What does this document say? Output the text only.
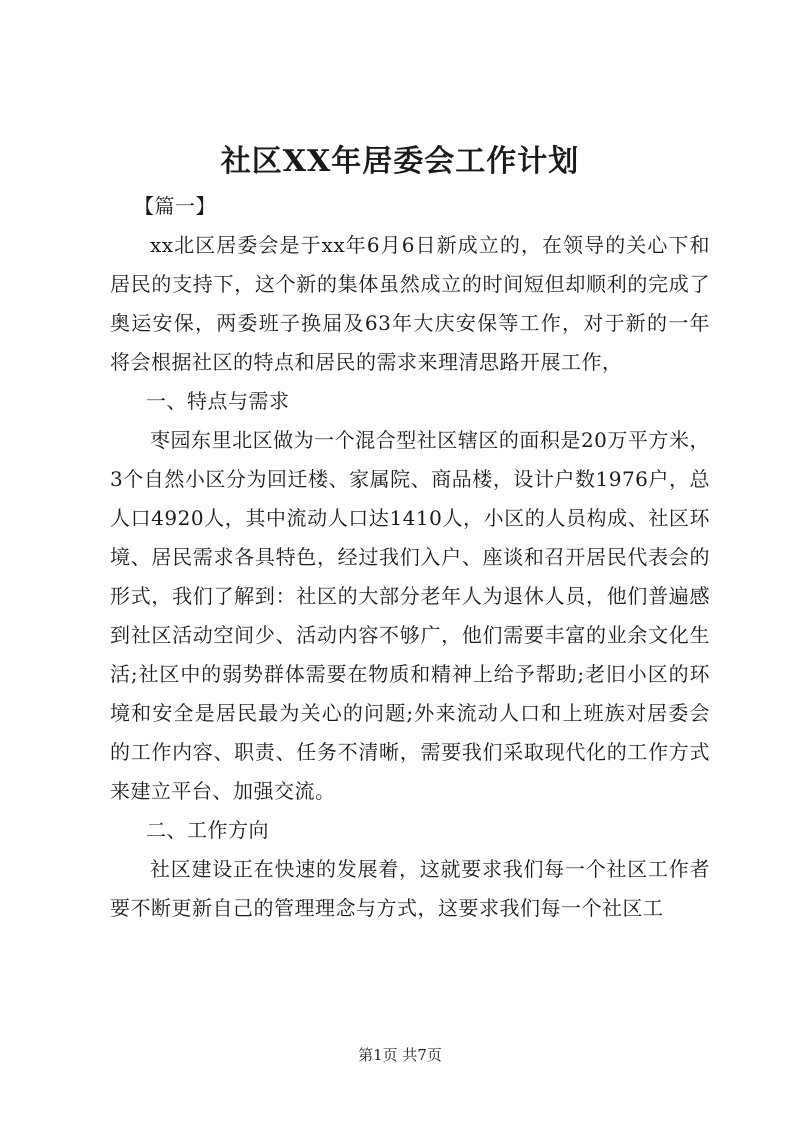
社区XX年居委会工作计划

【篇一】

xx北区居委会是于xx年6月6日新成立的，在领导的关心下和居民的支持下，这个新的集体虽然成立的时间短但却顺利的完成了奥运安保，两委班子换届及63年大庆安保等工作，对于新的一年将会根据社区的特点和居民的需求来理清思路开展工作，

一、特点与需求

枣园东里北区做为一个混合型社区辖区的面积是20万平方米，3个自然小区分为回迁楼、家属院、商品楼，设计户数1976户，总人口4920人，其中流动人口达1410人，小区的人员构成、社区环境、居民需求各具特色，经过我们入户、座谈和召开居民代表会的形式，我们了解到：社区的大部分老年人为退休人员，他们普遍感到社区活动空间少、活动内容不够广，他们需要丰富的业余文化生活;社区中的弱势群体需要在物质和精神上给予帮助;老旧小区的环境和安全是居民最为关心的问题;外来流动人口和上班族对居委会的工作内容、职责、任务不清晰，需要我们采取现代化的工作方式来建立平台、加强交流。

二、工作方向

社区建设正在快速的发展着，这就要求我们每一个社区工作者要不断更新自己的管理理念与方式，这要求我们每一个社区工

第1页 共7页
